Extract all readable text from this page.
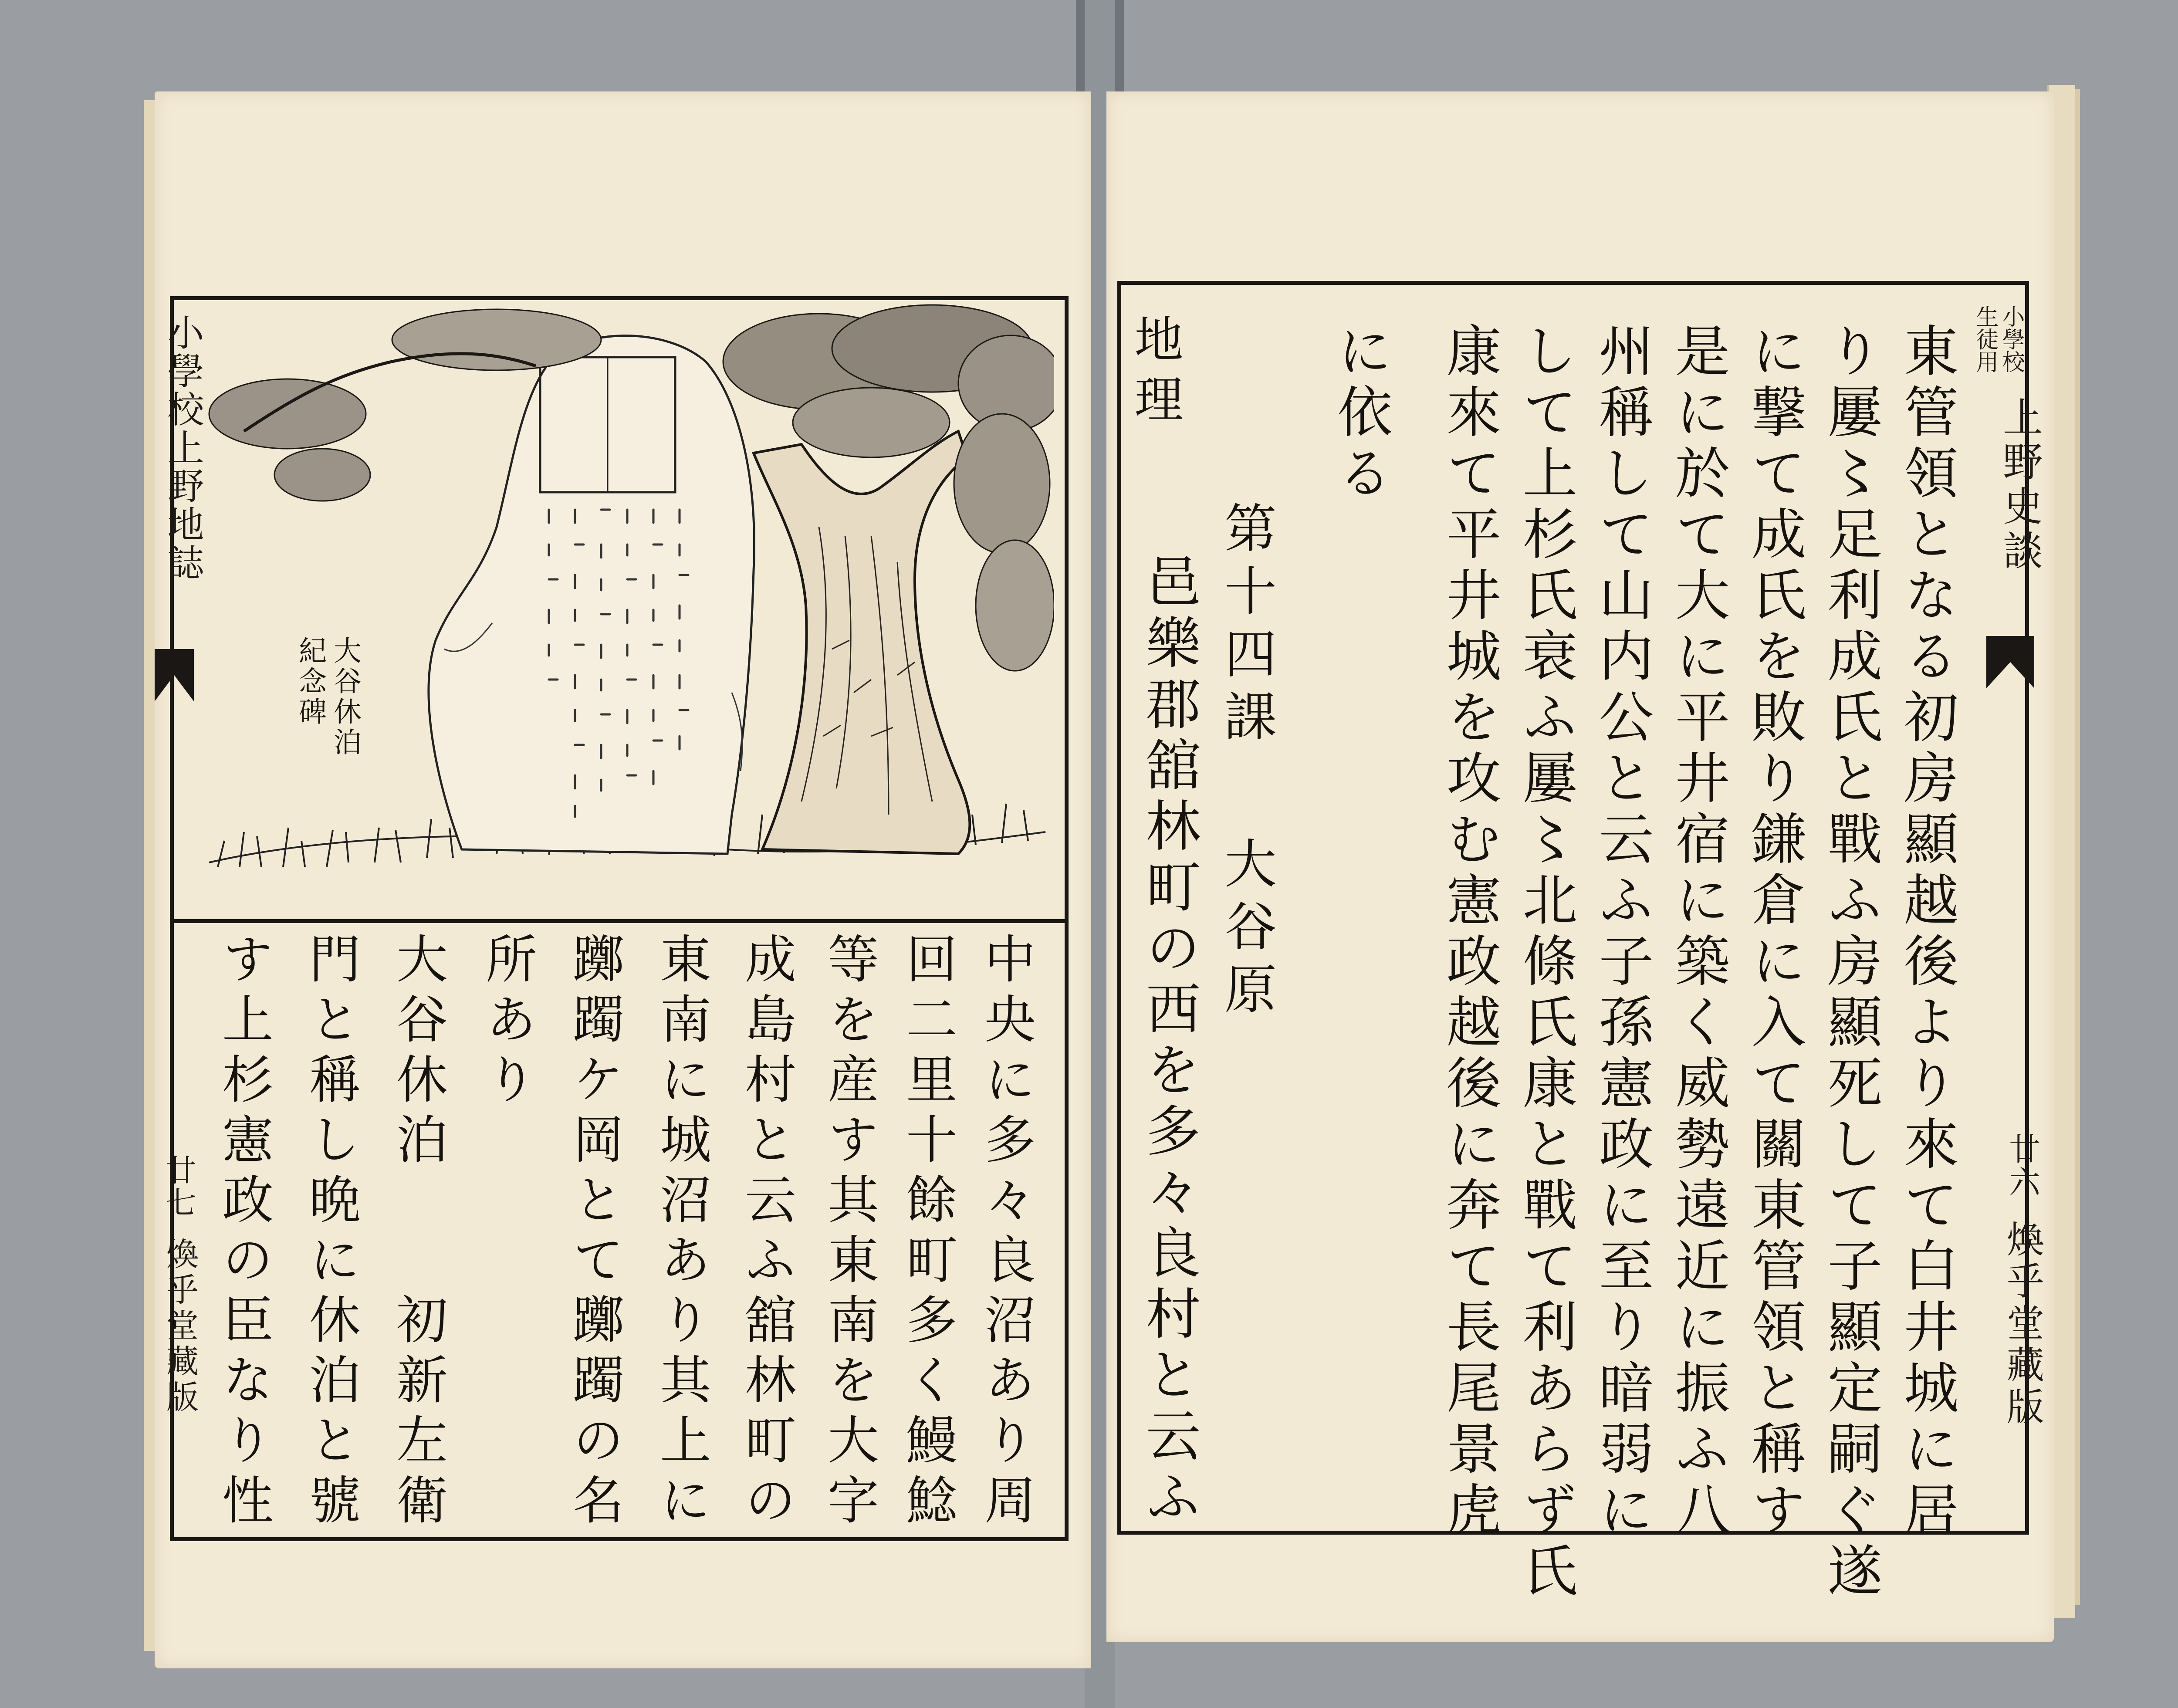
大谷休泊
紀念碑
中央に多々良沼あり周
回二里十餘町多く鰻鯰
等を産す其東南を大字
成島村と云ふ舘林町の
東南に城沼あり其上に
躑躅ケ岡とて躑躅の名
所あり
大谷休泊　　初新左衛
門と稱し晩に休泊と號
す上杉憲政の臣なり性
小學校上野地誌
廿七
煥乎堂藏版	東管領となる初房顯越後より來て白井城に居
り屢〻足利成氏と戰ふ房顯死して子顯定嗣ぐ遂
に撃て成氏を敗り鎌倉に入て關東管領と稱す
是に於て大に平井宿に築く威勢遠近に振ふ八
州稱して山内公と云ふ子孫憲政に至り暗弱に
して上杉氏衰ふ屢〻北條氏康と戰て利あらず氏
康來て平井城を攻む憲政越後に奔て長尾景虎
に依る
第十四課
大谷原
邑樂郡舘林町の西を多々良村と云ふ
地理	小學校
生徒用
上野史談
廿六
煥乎堂藏版
